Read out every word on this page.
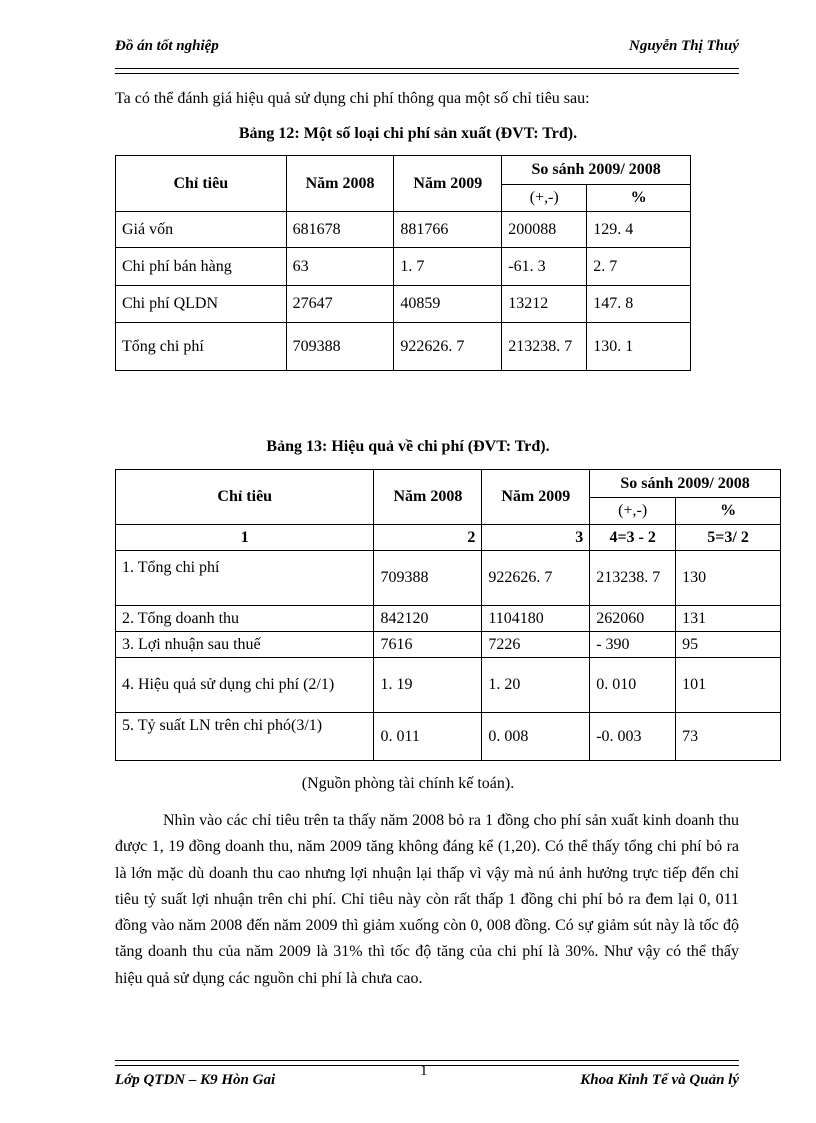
Đồ án tốt nghiệp	Nguyễn Thị Thuý
Ta có thể đánh giá hiệu quả sử dụng chi phí thông qua một số chỉ tiêu sau:
Bảng 12: Một số loại chi phí sản xuất (ĐVT: Trđ).
Chỉ tiêu	Năm 2008	Năm 2009	So sánh 2009/ 2008	
			(+,-)	%
Giá vốn	681678	881766	200088	129. 4
Chi phí bán hàng	63	1. 7	-61. 3	2. 7
Chi phí QLDN	27647	40859	13212	147. 8
Tổng chi phí	709388	922626. 7	213238. 7	130. 1
Bảng 13: Hiệu quả về chi phí (ĐVT: Trđ).
Chỉ tiêu	Năm 2008	Năm 2009	So sánh 2009/ 2008	
			(+,-)	%
1	2	3	4=3 - 2	5=3/ 2
1. Tổng chi phí	709388	922626. 7	213238. 7	130
2. Tổng doanh thu	842120	1104180	262060	131
3. Lợi nhuận sau thuế	7616	7226	- 390	95
4. Hiệu quả sử dụng chi phí (2/1)	1. 19	1. 20	0. 010	101
5. Tỷ suất LN trên chi phó(3/1)	0. 011	0. 008	-0. 003	73
(Nguồn phòng tài chính kế toán).

Nhìn vào các chỉ tiêu trên ta thấy năm 2008 bỏ ra 1 đồng cho phí sản xuất kinh doanh thu được 1, 19 đồng doanh thu, năm 2009 tăng không đáng kể (1,20). Có thể thấy tổng chi phí bỏ ra là lớn mặc dù doanh thu cao nhưng lợi nhuận lại thấp vì vậy mà nú ảnh hưởng trực tiếp đến chỉ tiêu tỷ suất lợi nhuận trên chi phí. Chỉ tiêu này còn rất thấp 1 đồng chi phí bỏ ra đem lại 0, 011 đồng vào năm 2008 đến năm 2009 thì giảm xuống còn 0, 008 đồng. Có sự giảm sút này là tốc độ tăng doanh thu của năm 2009 là 31% thì tốc độ tăng của chi phí là 30%. Như vậy có thể thấy hiệu quả sử dụng các nguồn chi phí là chưa cao.

Lớp QTDN – K9 Hòn Gai
1
Khoa Kinh Tế và Quản lý
